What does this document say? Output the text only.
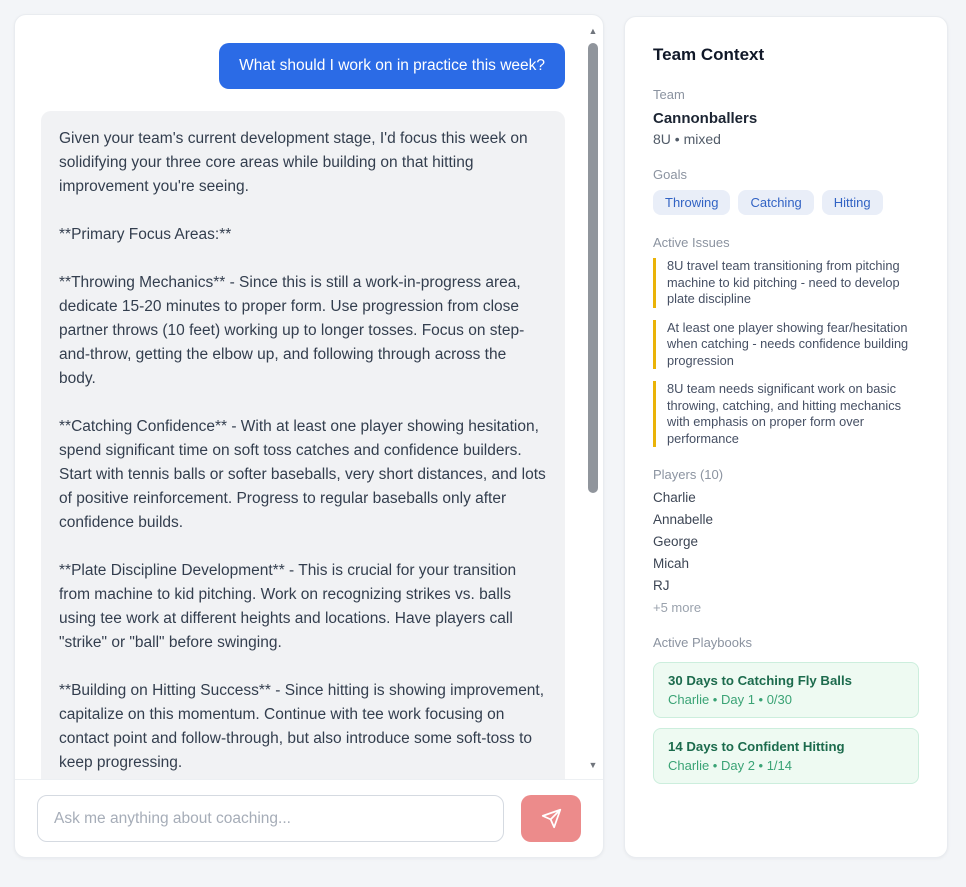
What should I work on in practice this week?

Given your team's current development stage, I'd focus this week on solidifying your three core areas while building on that hitting improvement you're seeing.

**Primary Focus Areas:**

**Throwing Mechanics** - Since this is still a work-in-progress area, dedicate 15-20 minutes to proper form. Use progression from close partner throws (10 feet) working up to longer tosses. Focus on step-and-throw, getting the elbow up, and following through across the body.

**Catching Confidence** - With at least one player showing hesitation, spend significant time on soft toss catches and confidence builders. Start with tennis balls or softer baseballs, very short distances, and lots of positive reinforcement. Progress to regular baseballs only after confidence builds.

**Plate Discipline Development** - This is crucial for your transition from machine to kid pitching. Work on recognizing strikes vs. balls using tee work at different heights and locations. Have players call "strike" or "ball" before swinging.

**Building on Hitting Success** - Since hitting is showing improvement, capitalize on this momentum. Continue with tee work focusing on contact point and follow-through, but also introduce some soft-toss to keep progressing.

▲
▼
Ask me anything about coaching...
Team Context
Team
Cannonballers
8U • mixed
Goals
Throwing	Catching	Hitting
Active Issues
8U travel team transitioning from pitching machine to kid pitching - need to develop plate discipline
At least one player showing fear/hesitation when catching - needs confidence building progression
8U team needs significant work on basic throwing, catching, and hitting mechanics with emphasis on proper form over performance
Players (10)
Charlie
Annabelle
George
Micah
RJ
+5 more
Active Playbooks
30 Days to Catching Fly Balls
Charlie • Day 1 • 0/30
14 Days to Confident Hitting
Charlie • Day 2 • 1/14
